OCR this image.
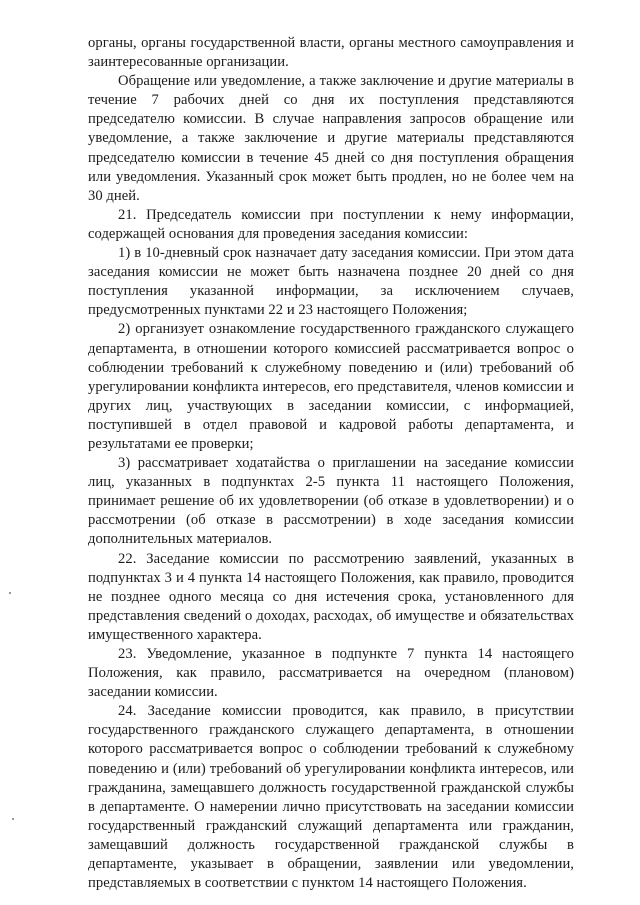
органы, органы государственной власти, органы местного самоуправления и заинтересованные организации.

Обращение или уведомление, а также заключение и другие материалы в течение 7 рабочих дней со дня их поступления представляются председателю комиссии. В случае направления запросов обращение или уведомление, а также заключение и другие материалы представляются председателю комиссии в течение 45 дней со дня поступления обращения или уведомления. Указанный срок может быть продлен, но не более чем на 30 дней.

21. Председатель комиссии при поступлении к нему информации, содержащей основания для проведения заседания комиссии:

1) в 10-дневный срок назначает дату заседания комиссии. При этом дата заседания комиссии не может быть назначена позднее 20 дней со дня поступления указанной информации, за исключением случаев, предусмотренных пунктами 22 и 23 настоящего Положения;

2) организует ознакомление государственного гражданского служащего департамента, в отношении которого комиссией рассматривается вопрос о соблюдении требований к служебному поведению и (или) требований об урегулировании конфликта интересов, его представителя, членов комиссии и других лиц, участвующих в заседании комиссии, с информацией, поступившей в отдел правовой и кадровой работы департамента, и результатами ее проверки;

3) рассматривает ходатайства о приглашении на заседание комиссии лиц, указанных в подпунктах 2-5 пункта 11 настоящего Положения, принимает решение об их удовлетворении (об отказе в удовлетворении) и о рассмотрении (об отказе в рассмотрении) в ходе заседания комиссии дополнительных материалов.

22. Заседание комиссии по рассмотрению заявлений, указанных в подпунктах 3 и 4 пункта 14 настоящего Положения, как правило, проводится не позднее одного месяца со дня истечения срока, установленного для представления сведений о доходах, расходах, об имуществе и обязательствах имущественного характера.

23. Уведомление, указанное в подпункте 7 пункта 14 настоящего Положения, как правило, рассматривается на очередном (плановом) заседании комиссии.

24. Заседание комиссии проводится, как правило, в присутствии государственного гражданского служащего департамента, в отношении которого рассматривается вопрос о соблюдении требований к служебному поведению и (или) требований об урегулировании конфликта интересов, или гражданина, замещавшего должность государственной гражданской службы в департаменте. О намерении лично присутствовать на заседании комиссии государственный гражданский служащий департамента или гражданин, замещавший должность государственной гражданской службы в департаменте, указывает в обращении, заявлении или уведомлении, представляемых в соответствии с пунктом 14 настоящего Положения.
